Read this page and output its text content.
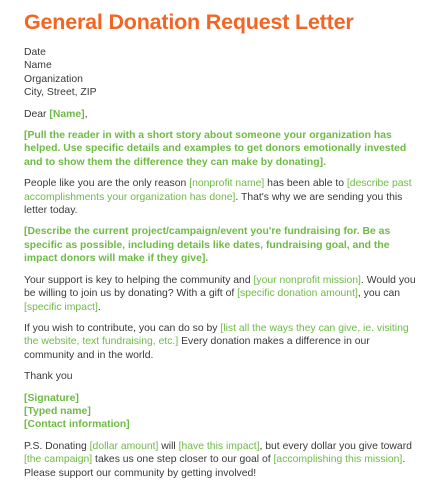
General Donation Request Letter

Date
Name
Organization
City, Street, ZIP

Dear [Name],

[Pull the reader in with a short story about someone your organization has helped. Use specific details and examples to get donors emotionally invested and to show them the difference they can make by donating].

People like you are the only reason [nonprofit name] has been able to [describe past accomplishments your organization has done]. That's why we are sending you this letter today.

[Describe the current project/campaign/event you're fundraising for. Be as specific as possible, including details like dates, fundraising goal, and the impact donors will make if they give].

Your support is key to helping the community and [your nonprofit mission]. Would you be willing to join us by donating? With a gift of [specific donation amount], you can [specific impact].

If you wish to contribute, you can do so by [list all the ways they can give, ie. visiting the website, text fundraising, etc.] Every donation makes a difference in our community and in the world.

Thank you

[Signature]
[Typed name]
[Contact information]

P.S. Donating [dollar amount] will [have this impact], but every dollar you give toward [the campaign] takes us one step closer to our goal of [accomplishing this mission]. Please support our community by getting involved!
